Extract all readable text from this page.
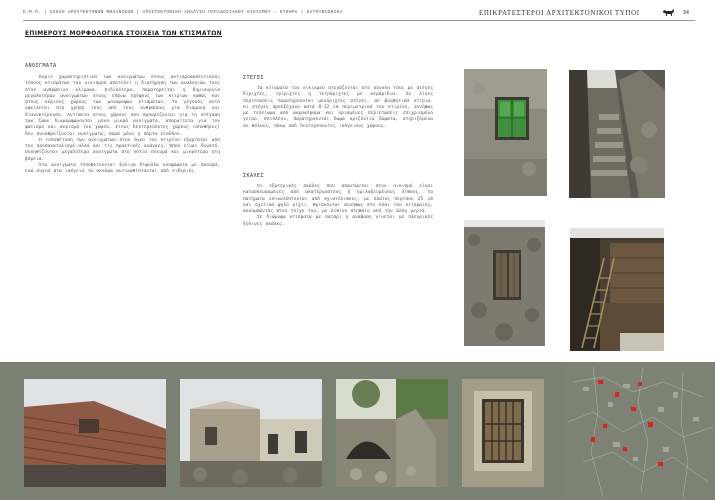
Ε.Μ.Π. | ΣΧΟΛΗ ΑΡΧΙΤΕΚΤΟΝΩΝ ΜΗΧΑΝΙΚΩΝ | ΑΡΧΙΤΕΚΤΟΝΙΚΗ ΑΝΑΛΥΣΗ ΠΑΡΑΔΟΣΙΑΚΟΥ ΟΙΚΙΣΜΟΥ – ΚΥΘΗΡΑ | ΚΑΤΟΥΝΙΩΝΙΚΑ	ΕΠΙΚΡΑΤΕΣΤΕΡΟΙ ΑΡΧΙΤΕΚΤΟΝΙΚΟΙ ΤΥΠΟΙ	34
ΕΠΙΜΕΡΟΥΣ ΜΟΡΦΟΛΟΓΙΚΑ ΣΤΟΙΧΕΙΑ ΤΩΝ ΚΤΙΣΜΑΤΩΝ
ΑΝΟΙΓΜΑΤΑ

Κύριο χαρακτηριστικό των ανοιγμάτων στους αντιπροσωπευτικούς τύπους κτισμάτων του οικισμού αποτελεί η διατήρηση των αναλογιών τους στον ανθρώπινο κλίμακα. Ειδικότερα, παρατηρείται η δημιουργία μεγαλύτερων ανοιγμάτων στους επάνω ορόφους των κτιρίων καθώς και στους κύριους χώρους των μονώροφων κτισμάτων. Το γεγονός αυτό οφείλεται στη χρήση τους από τους ανθρώπους για διαμονή και διανυκτέρευση. Αντίθετα στους χώρους που προορίζονται για τη στέγαση των ζώων διαμορφώνονται μόνο μικρά ανοίγματα, απαραίτητα για τον φωτισμό και αερισμό του χώρου. Στους δευτερεύοντες χώρους (αποθήκες) δεν συναθροίζονται ανοίγματα, παρά μόνο η πόρτα εισόδου.

Η τοποθέτηση των ανοιγμάτων στον όγκο του κτιρίου εξαρτάται από τον προσανατολισμό αλλά και τις πρακτικές ανάγκες. Όπου είναι δυνατό, συνηθίζονται μεγαλύτερα ανοίγματα στη νότια πλευρά και μικρότερα στη βόρεια.

Στα ανοίγματα τοποθετούνται ξύλινα δίφυλλα κουφώματα με σκούρα, ενώ συχνά στα ισόγεια τα σκούρα αντικαθίστανται από σιδεριές.

ΣΤΕΓΕΣ

Τα κτίσματα του οικισμού στεγάζονται στο σύνολο τους με στέγες δίριχτες, τρίριχτες ή τετράριχτες με κεραμίδια. Σε λίγες περιπτώσεις παρατηρούνται μονόριχτες στέγες, σε βοηθητικά κτίρια. Οι στέγες προεξέχουν κατά 8-12 cm περιμετρικά του κτιρίου, συνήθως με τελείωμα από ακροκέραμα και ορισμένες περιπτώσεις επιχρισμένο γείσο. Επιπλέον, παρατηρούνται δωμά οριζόντια δώματα, στηριζόμενα σε θόλους, πάνω από δευτερεύοντες ισόγειους χώρους.

ΣΚΑΛΕΣ

Οι εξωτερικές σκάλες που απαντώνται στον οικισμό είναι κατασκευασμένες από ακατέργαστους ή ημιλαξευμένους λίθους. Τα πατήματα επικαλύπτονται από σχιστόλιθους, με πλάτος περίπου 25 cm και σχετικά ψηλό ρίχτι. Βρίσκονται συνήθως στο πλάι του κτίσματος, ακουμπώντας στον τοίχο του, με λίθινο στηθαίο από την άλλη μεριά.

Σε διώροφα κτίσματα με πατάρι η ανάβαση γίνεται με πλευρικές ξύλινες σκάλες.
